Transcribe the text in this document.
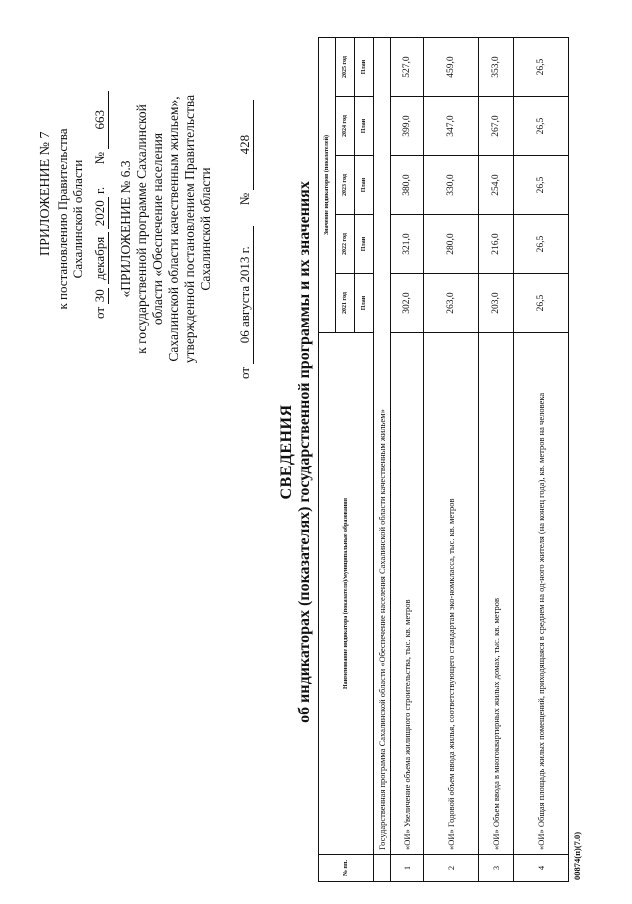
ПРИЛОЖЕНИЕ № 7 к постановлению Правительства Сахалинской области
от 30 декабря 2020 г.  № 663
«ПРИЛОЖЕНИЕ № 6.3 к государственной программе Сахалинской области «Обеспечение населения Сахалинской области качественным жильем», утвержденной постановлением Правительства Сахалинской области
от 06 августа 2013 г.  № 428
СВЕДЕНИЯ об индикаторах (показателях) государственной программы и их значениях
№ пп.	Наименование индикатора (показателя)/муниципальные образования	Значение индикаторов (показателей)				
		2021 год	2022 год	2023 год	2024 год	2025 год
		План	План	План	План	План
	Государственная программа Сахалинской области «Обеспечение населения Сахалинской области качественным жильем»					
1	«ОИ» Увеличение объема жилищного строительства, тыс. кв. метров	302,0	321,0	380,0	399,0	527,0
2	«ОИ» Годовой объем ввода жилья, соответствующего стандартам эко-номкласса, тыс. кв. метров	263,0	280,0	330,0	347,0	459,0
3	«ОИ» Объем ввода в многоквартирных жилых домах, тыс. кв. метров	203,0	216,0	254,0	267,0	353,0
4	«ОИ» Общая площадь жилых помещений, приходящаяся в среднем на од-ного жителя (на конец года), кв. метров на человека	26,5	26,5	26,5	26,5	26,5
00874(п)(7.0)
